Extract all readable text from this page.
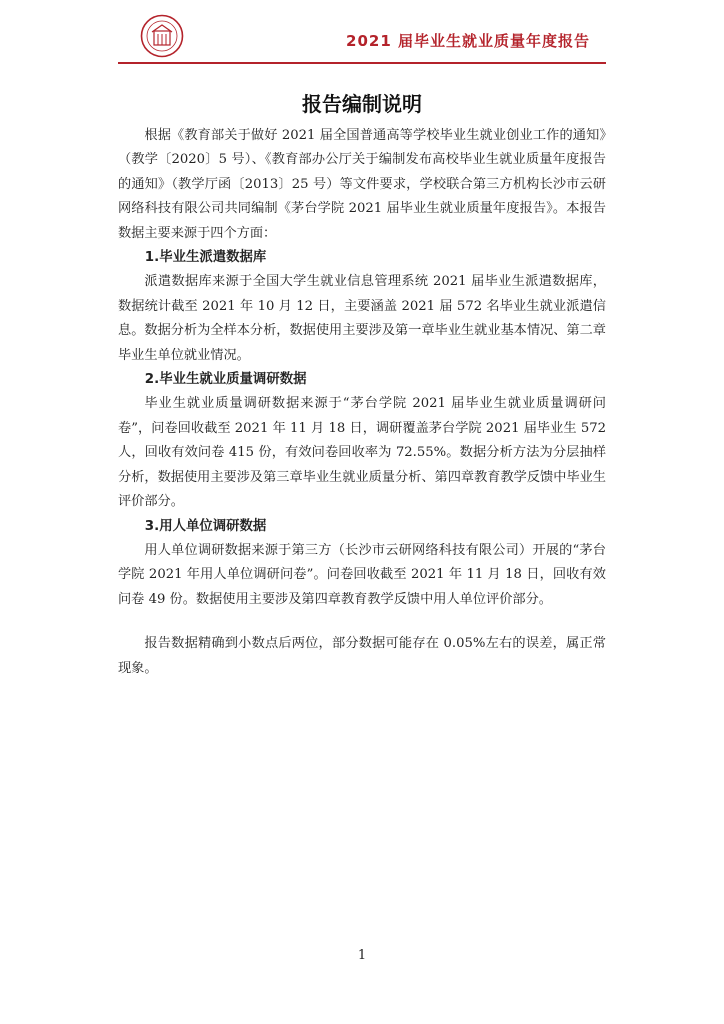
2021 届毕业生就业质量年度报告
报告编制说明

根据《教育部关于做好 2021 届全国普通高等学校毕业生就业创业工作的通知》（教学〔2020〕5 号）、《教育部办公厅关于编制发布高校毕业生就业质量年度报告的通知》（教学厅函〔2013〕25 号）等文件要求，学校联合第三方机构长沙市云研网络科技有限公司共同编制《茅台学院 2021 届毕业生就业质量年度报告》。本报告数据主要来源于四个方面：

1.毕业生派遣数据库

派遣数据库来源于全国大学生就业信息管理系统 2021 届毕业生派遣数据库，数据统计截至 2021 年 10 月 12 日，主要涵盖 2021 届 572 名毕业生就业派遣信息。数据分析为全样本分析，数据使用主要涉及第一章毕业生就业基本情况、第二章毕业生单位就业情况。

2.毕业生就业质量调研数据

毕业生就业质量调研数据来源于“茅台学院 2021 届毕业生就业质量调研问卷”，问卷回收截至 2021 年 11 月 18 日，调研覆盖茅台学院 2021 届毕业生 572 人，回收有效问卷 415 份，有效问卷回收率为 72.55%。数据分析方法为分层抽样分析，数据使用主要涉及第三章毕业生就业质量分析、第四章教育教学反馈中毕业生评价部分。

3.用人单位调研数据

用人单位调研数据来源于第三方（长沙市云研网络科技有限公司）开展的“茅台学院 2021 年用人单位调研问卷”。问卷回收截至 2021 年 11 月 18 日，回收有效问卷 49 份。数据使用主要涉及第四章教育教学反馈中用人单位评价部分。

报告数据精确到小数点后两位，部分数据可能存在 0.05%左右的误差，属正常现象。

1
